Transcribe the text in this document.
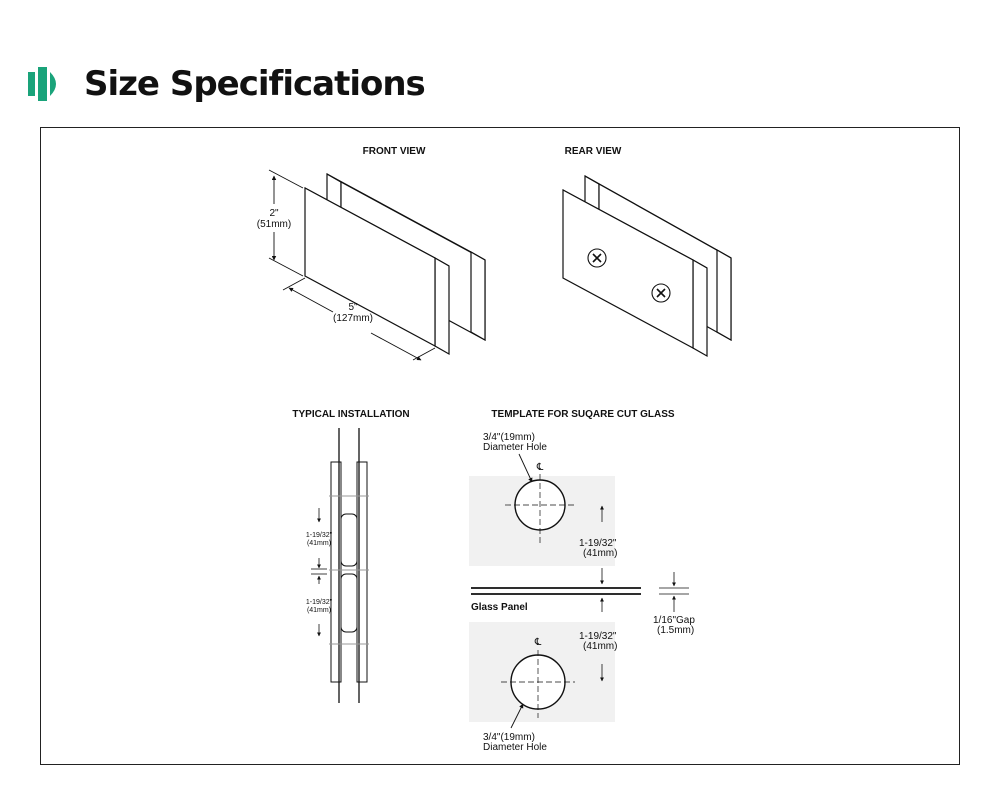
Size Specifications
FRONT VIEW
2"
(51mm)
5"
(127mm)
REAR VIEW
TYPICAL INSTALLATION
1-19/32"
(41mm)
1-19/32"
(41mm)
TEMPLATE FOR SUQARE CUT GLASS
3/4"(19mm)
Diameter Hole
℄
1-19/32"
(41mm)
Glass Panel
1/16"Gap
(1.5mm)
1-19/32"
(41mm)
℄
3/4"(19mm)
Diameter Hole
